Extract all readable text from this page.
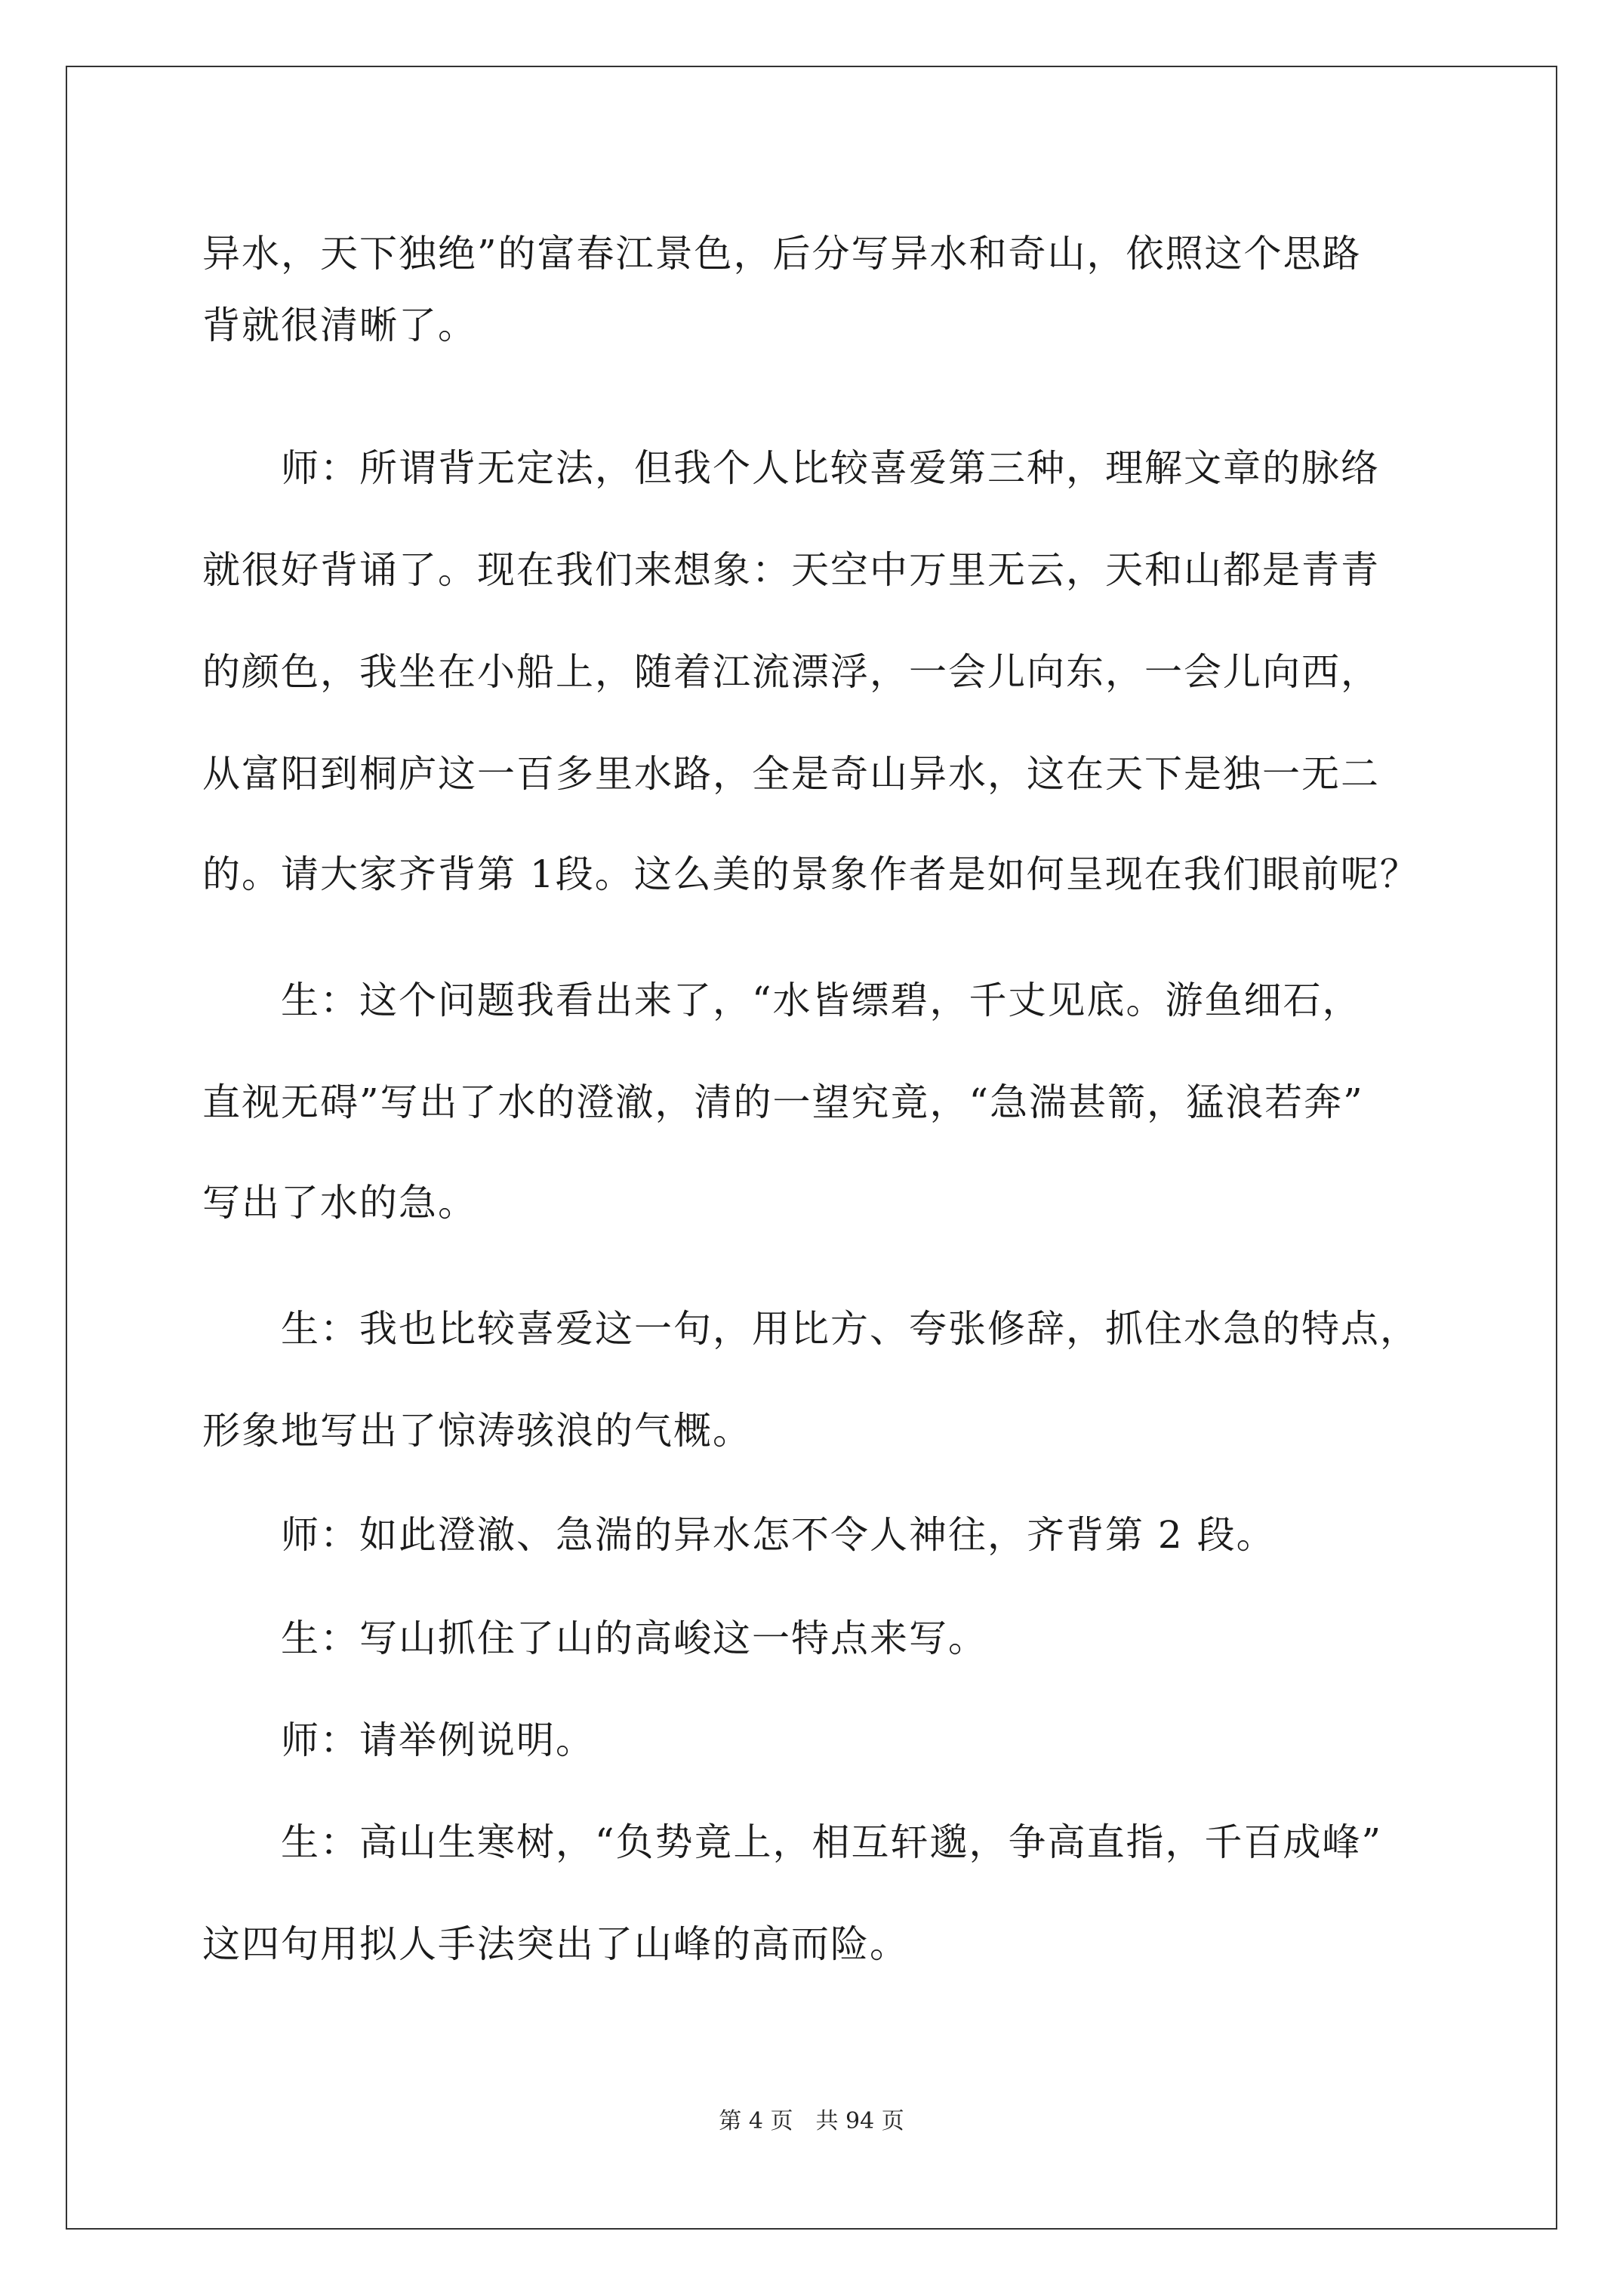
异水，天下独绝”的富春江景色，后分写异水和奇山，依照这个思路
背就很清晰了。
师：所谓背无定法，但我个人比较喜爱第三种，理解文章的脉络
就很好背诵了。现在我们来想象：天空中万里无云，天和山都是青青
的颜色，我坐在小船上，随着江流漂浮，一会儿向东，一会儿向西，
从富阳到桐庐这一百多里水路，全是奇山异水，这在天下是独一无二
的。请大家齐背第 1段。这么美的景象作者是如何呈现在我们眼前呢？
生：这个问题我看出来了，“水皆缥碧，千丈见底。游鱼细石，
直视无碍”写出了水的澄澈，清的一望究竟，“急湍甚箭，猛浪若奔”
写出了水的急。
生：我也比较喜爱这一句，用比方、夸张修辞，抓住水急的特点，
形象地写出了惊涛骇浪的气概。
师：如此澄澈、急湍的异水怎不令人神往，齐背第 2 段。
生：写山抓住了山的高峻这一特点来写。
师：请举例说明。
生：高山生寒树，“负势竟上，相互轩邈，争高直指，千百成峰”
这四句用拟人手法突出了山峰的高而险。
第 4 页　共 94 页
